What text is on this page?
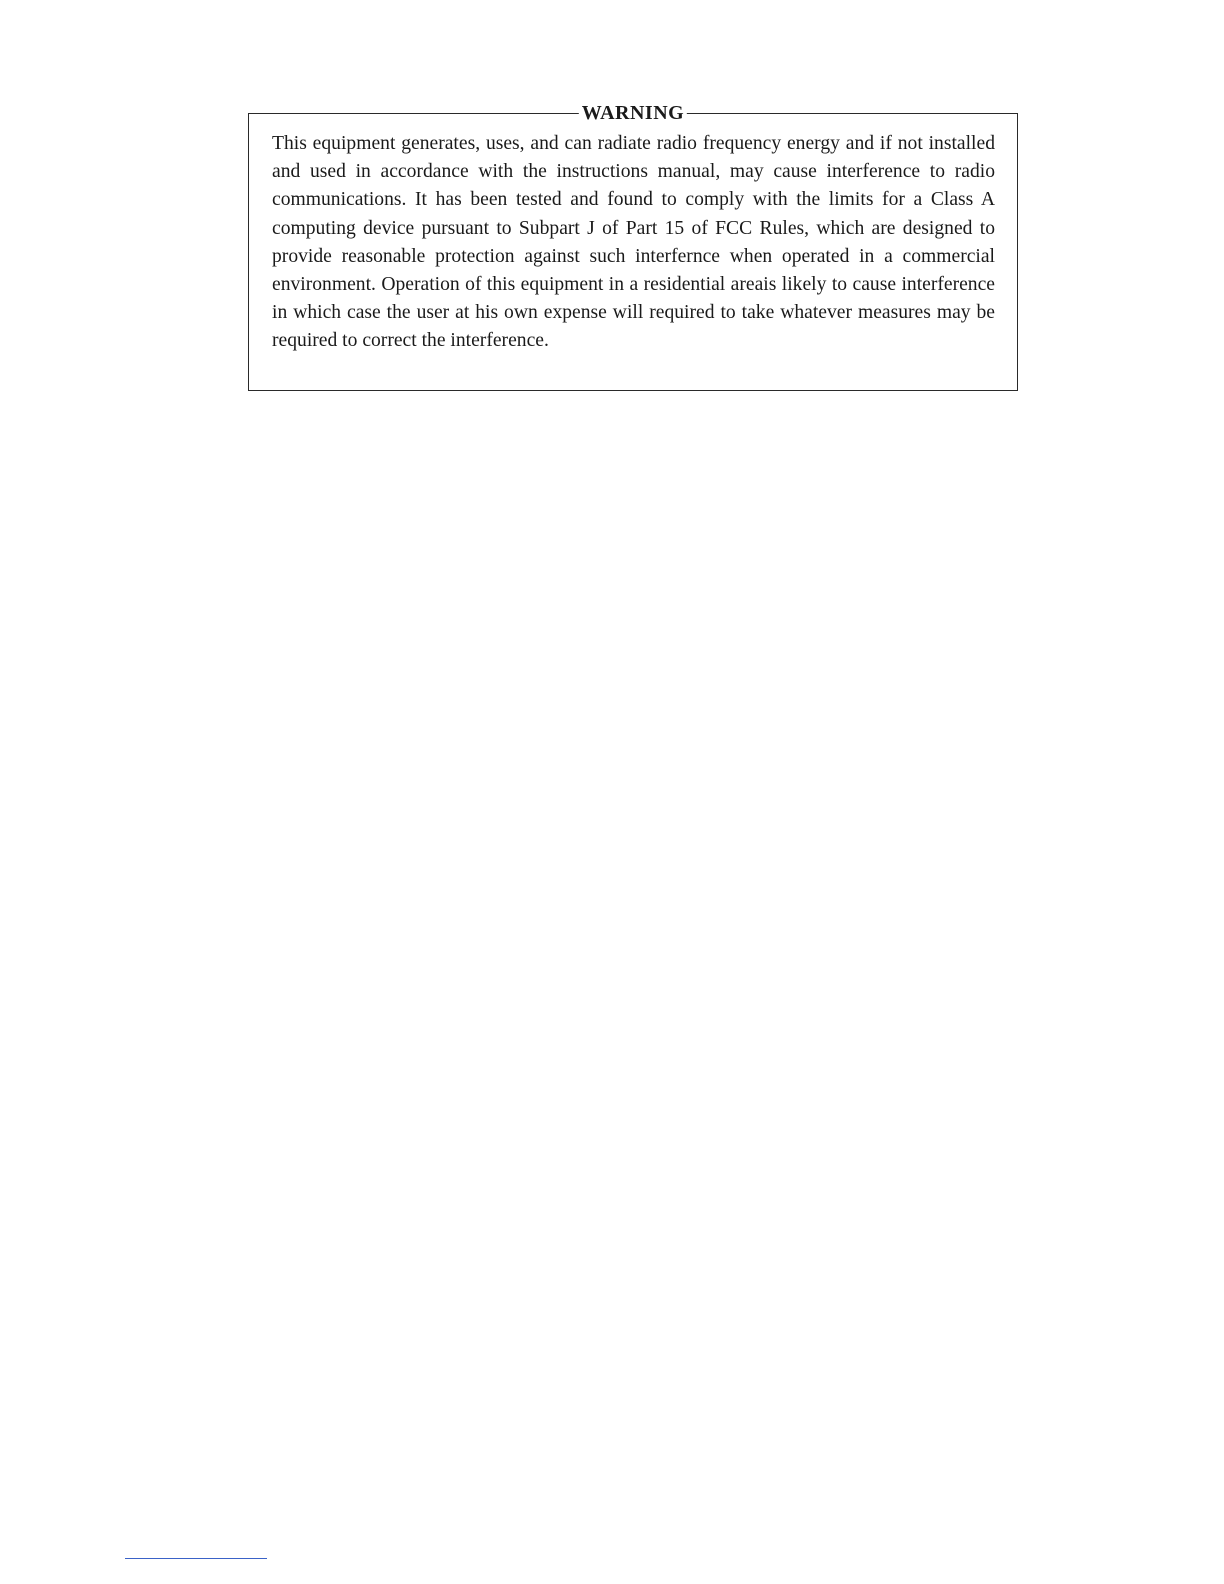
WARNING

This equipment generates, uses, and can radiate radio frequency energy and if not installed and used in accordance with the instructions manual, may cause interference to radio communications. It has been tested and found to comply with the limits for a Class A computing device pursuant to Subpart J of Part 15 of FCC Rules, which are designed to provide reasonable protection against such interfernce when operated in a commercial environment. Operation of this equipment in a residential areais likely to cause interference in which case the user at his own expense will required to take whatever measures may be required to correct the interference.
